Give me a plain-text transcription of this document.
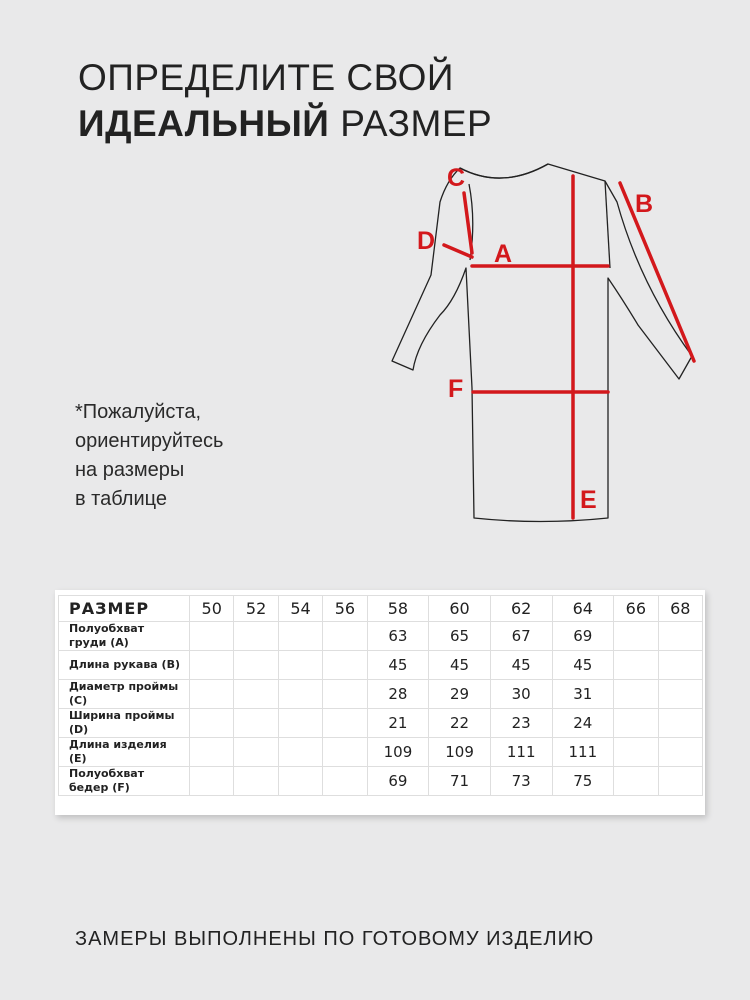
ОПРЕДЕЛИТЕ СВОЙ
ИДЕАЛЬНЫЙ РАЗМЕР
*Пожалуйста,
ориентируйтесь
на размеры
в таблице
C
B
D A
F
E
РАЗМЕР	50	52	54	56	58	60	62	64	66	68

Полуобхват
груди (A)					63	65	67	69		

Длина рукава (B)					45	45	45	45		

Диаметр проймы
(C)					28	29	30	31		

Ширина проймы
(D)					21	22	23	24		

Длина изделия
(E)					109	109	111	111		

Полуобхват
бедер (F)					69	71	73	75		
ЗАМЕРЫ ВЫПОЛНЕНЫ ПО ГОТОВОМУ ИЗДЕЛИЮ
